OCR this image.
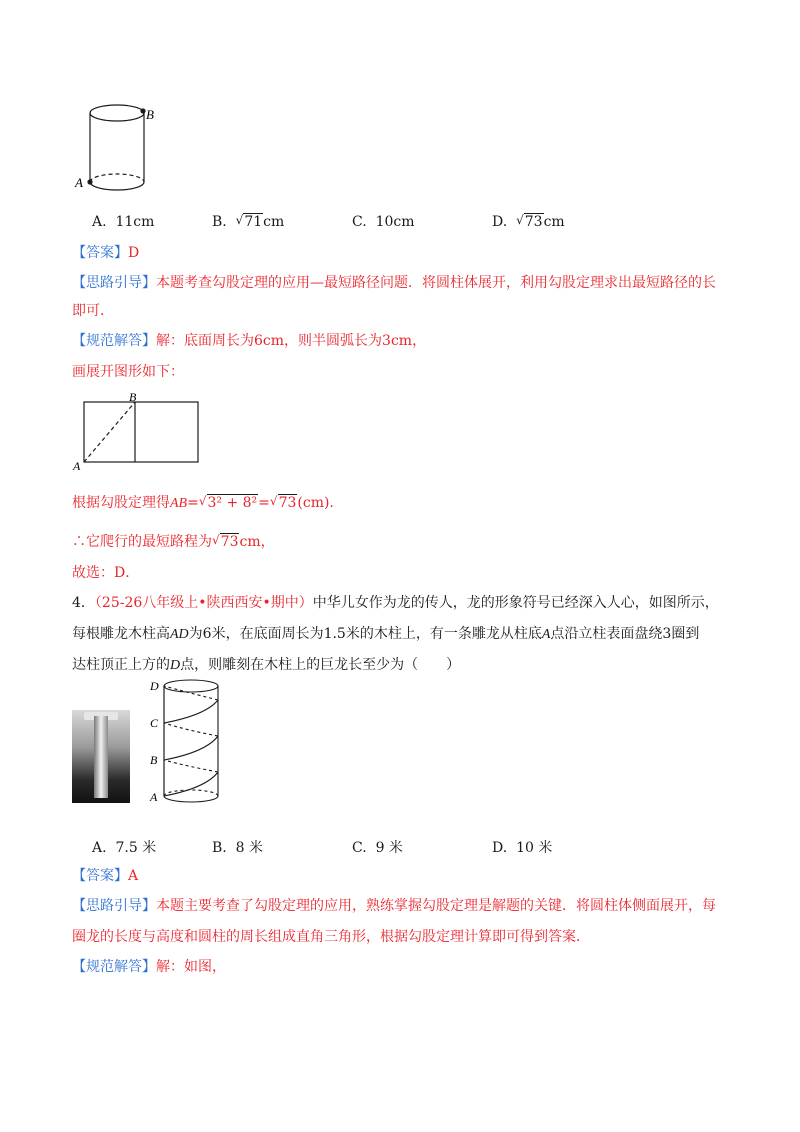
B
A
A. 11cm	B. √71cm	C. 10cm	D. √73cm
【答案】D
【思路引导】本题考查勾股定理的应用—最短路径问题．将圆柱体展开，利用勾股定理求出最短路径的长
即可．
【规范解答】解：底面周长为6cm，则半圆弧长为3cm，
画展开图形如下：
B
A
根据勾股定理得AB=√3² + 8²=√73(cm).
∴它爬行的最短路程为√73cm，
故选：D．
4．（25-26八年级上•陕西西安•期中）中华儿女作为龙的传人，龙的形象符号已经深入人心，如图所示，
每根雕龙木柱高AD为6米，在底面周长为1.5米的木柱上，有一条雕龙从柱底A点沿立柱表面盘绕3圈到
达柱顶正上方的D点，则雕刻在木柱上的巨龙长至少为（　　）
D
C
B
A
A. 7.5 米	B. 8 米	C. 9 米	D. 10 米
【答案】A
【思路引导】本题主要考查了勾股定理的应用，熟练掌握勾股定理是解题的关键．将圆柱体侧面展开，每
圈龙的长度与高度和圆柱的周长组成直角三角形，根据勾股定理计算即可得到答案．
【规范解答】解：如图，
